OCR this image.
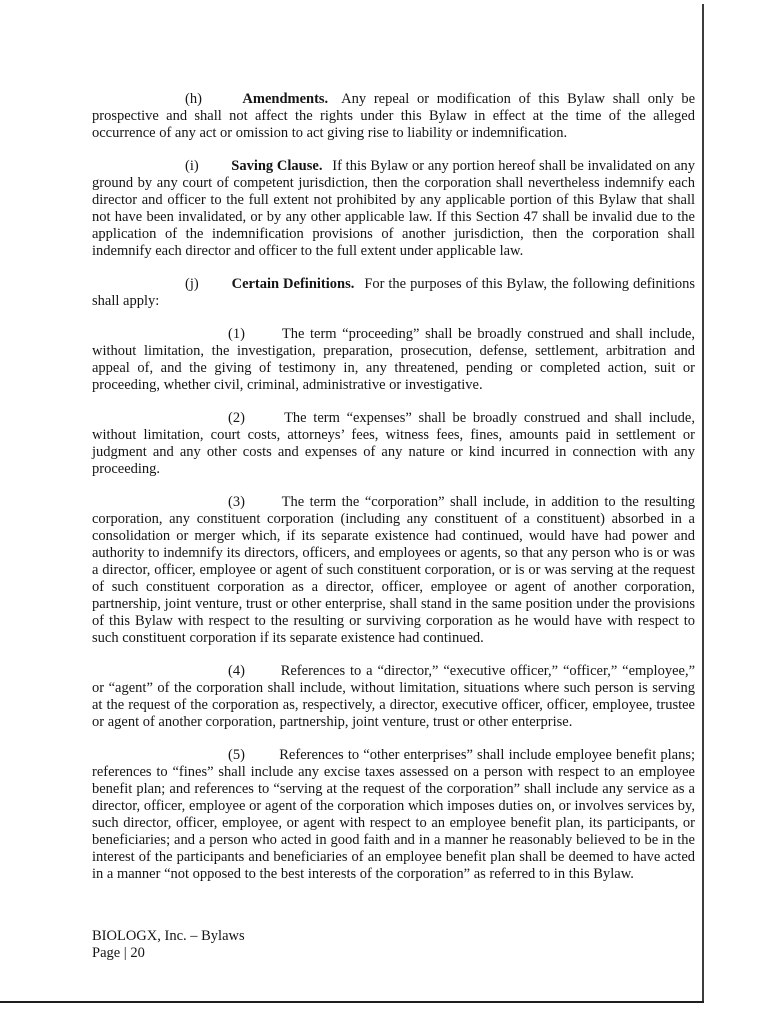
(h)	Amendments. Any repeal or modification of this Bylaw shall only be prospective and shall not affect the rights under this Bylaw in effect at the time of the alleged occurrence of any act or omission to act giving rise to liability or indemnification.

(i) Saving Clause. If this Bylaw or any portion hereof shall be invalidated on any ground by any court of competent jurisdiction, then the corporation shall nevertheless indemnify each director and officer to the full extent not prohibited by any applicable portion of this Bylaw that shall not have been invalidated, or by any other applicable law. If this Section 47 shall be invalid due to the application of the indemnification provisions of another jurisdiction, then the corporation shall indemnify each director and officer to the full extent under applicable law.

(j) Certain Definitions. For the purposes of this Bylaw, the following definitions shall apply:

(1)	The term “proceeding” shall be broadly construed and shall include, without limitation, the investigation, preparation, prosecution, defense, settlement, arbitration and appeal of, and the giving of testimony in, any threatened, pending or completed action, suit or proceeding, whether civil, criminal, administrative or investigative.

(2)	The term “expenses” shall be broadly construed and shall include, without limitation, court costs, attorneys’ fees, witness fees, fines, amounts paid in settlement or judgment and any other costs and expenses of any nature or kind incurred in connection with any proceeding.

(3)	The term the “corporation” shall include, in addition to the resulting corporation, any constituent corporation (including any constituent of a constituent) absorbed in a consolidation or merger which, if its separate existence had continued, would have had power and authority to indemnify its directors, officers, and employees or agents, so that any person who is or was a director, officer, employee or agent of such constituent corporation, or is or was serving at the request of such constituent corporation as a director, officer, employee or agent of another corporation, partnership, joint venture, trust or other enterprise, shall stand in the same position under the provisions of this Bylaw with respect to the resulting or surviving corporation as he would have with respect to such constituent corporation if its separate existence had continued.

(4) References to a “director,” “executive officer,” “officer,” “employee,” or “agent” of the corporation shall include, without limitation, situations where such person is serving at the request of the corporation as, respectively, a director, executive officer, officer, employee, trustee or agent of another corporation, partnership, joint venture, trust or other enterprise.

(5) References to “other enterprises” shall include employee benefit plans; references to “fines” shall include any excise taxes assessed on a person with respect to an employee benefit plan; and references to “serving at the request of the corporation” shall include any service as a director, officer, employee or agent of the corporation which imposes duties on, or involves services by, such director, officer, employee, or agent with respect to an employee benefit plan, its participants, or beneficiaries; and a person who acted in good faith and in a manner he reasonably believed to be in the interest of the participants and beneficiaries of an employee benefit plan shall be deemed to have acted in a manner “not opposed to the best interests of the corporation” as referred to in this Bylaw.

BIOLOGX, Inc. – Bylaws
Page | 20
